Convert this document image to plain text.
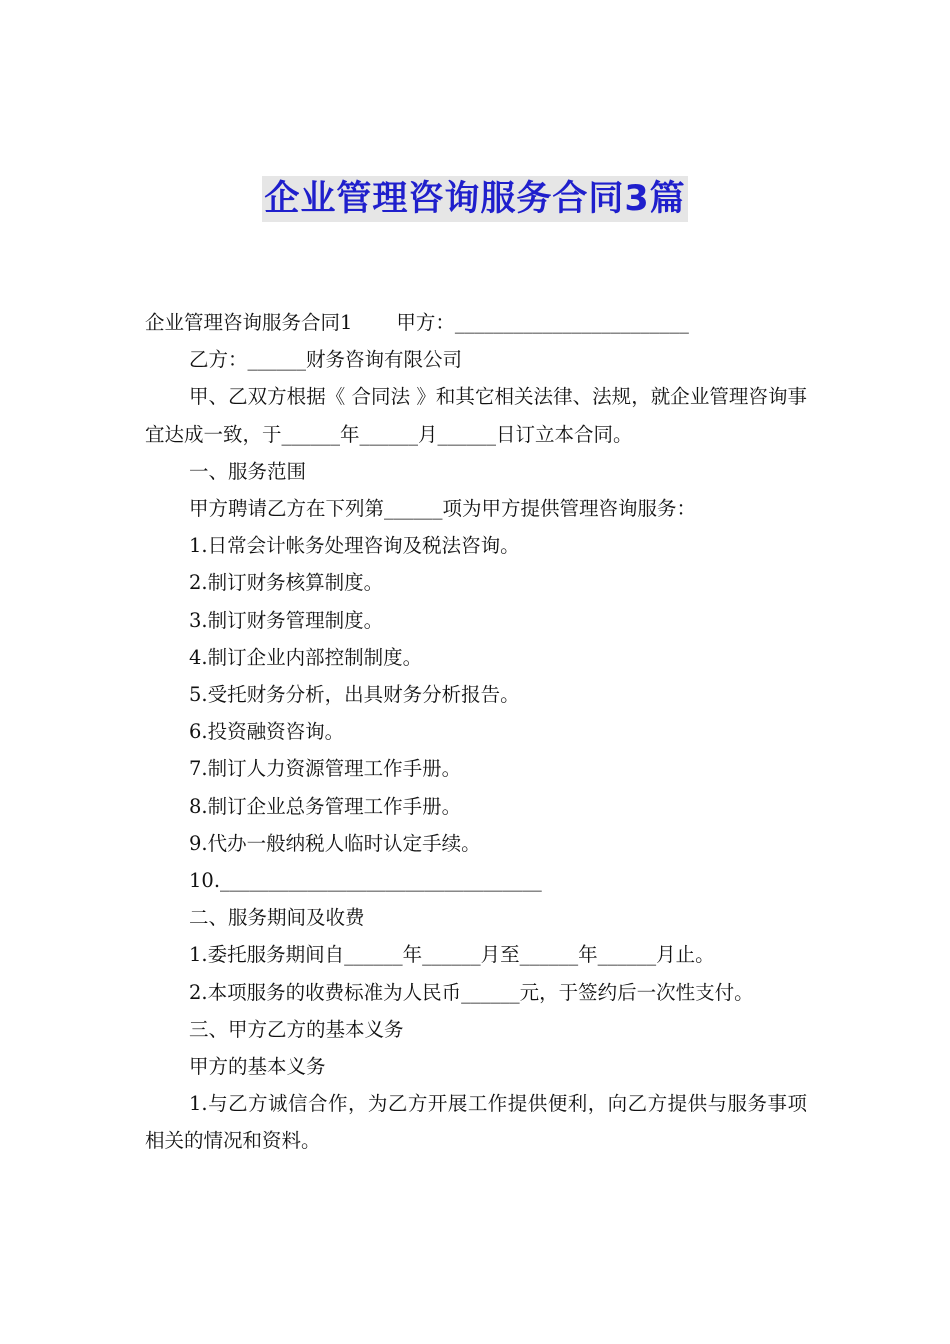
企业管理咨询服务合同3篇

企业管理咨询服务合同1 甲方：________________________

乙方：______财务咨询有限公司

甲、乙双方根据《 合同法 》和其它相关法律、法规，就企业管理咨询事宜达成一致，于______年______月______日订立本合同。

一、服务范围

甲方聘请乙方在下列第______项为甲方提供管理咨询服务：

1.日常会计帐务处理咨询及税法咨询。

2.制订财务核算制度。

3.制订财务管理制度。

4.制订企业内部控制制度。

5.受托财务分析，出具财务分析报告。

6.投资融资咨询。

7.制订人力资源管理工作手册。

8.制订企业总务管理工作手册。

9.代办一般纳税人临时认定手续。

10._________________________________

二、服务期间及收费

1.委托服务期间自______年______月至______年______月止。

2.本项服务的收费标准为人民币______元，于签约后一次性支付。

三、甲方乙方的基本义务

甲方的基本义务

1.与乙方诚信合作，为乙方开展工作提供便利，向乙方提供与服务事项相关的情况和资料。
